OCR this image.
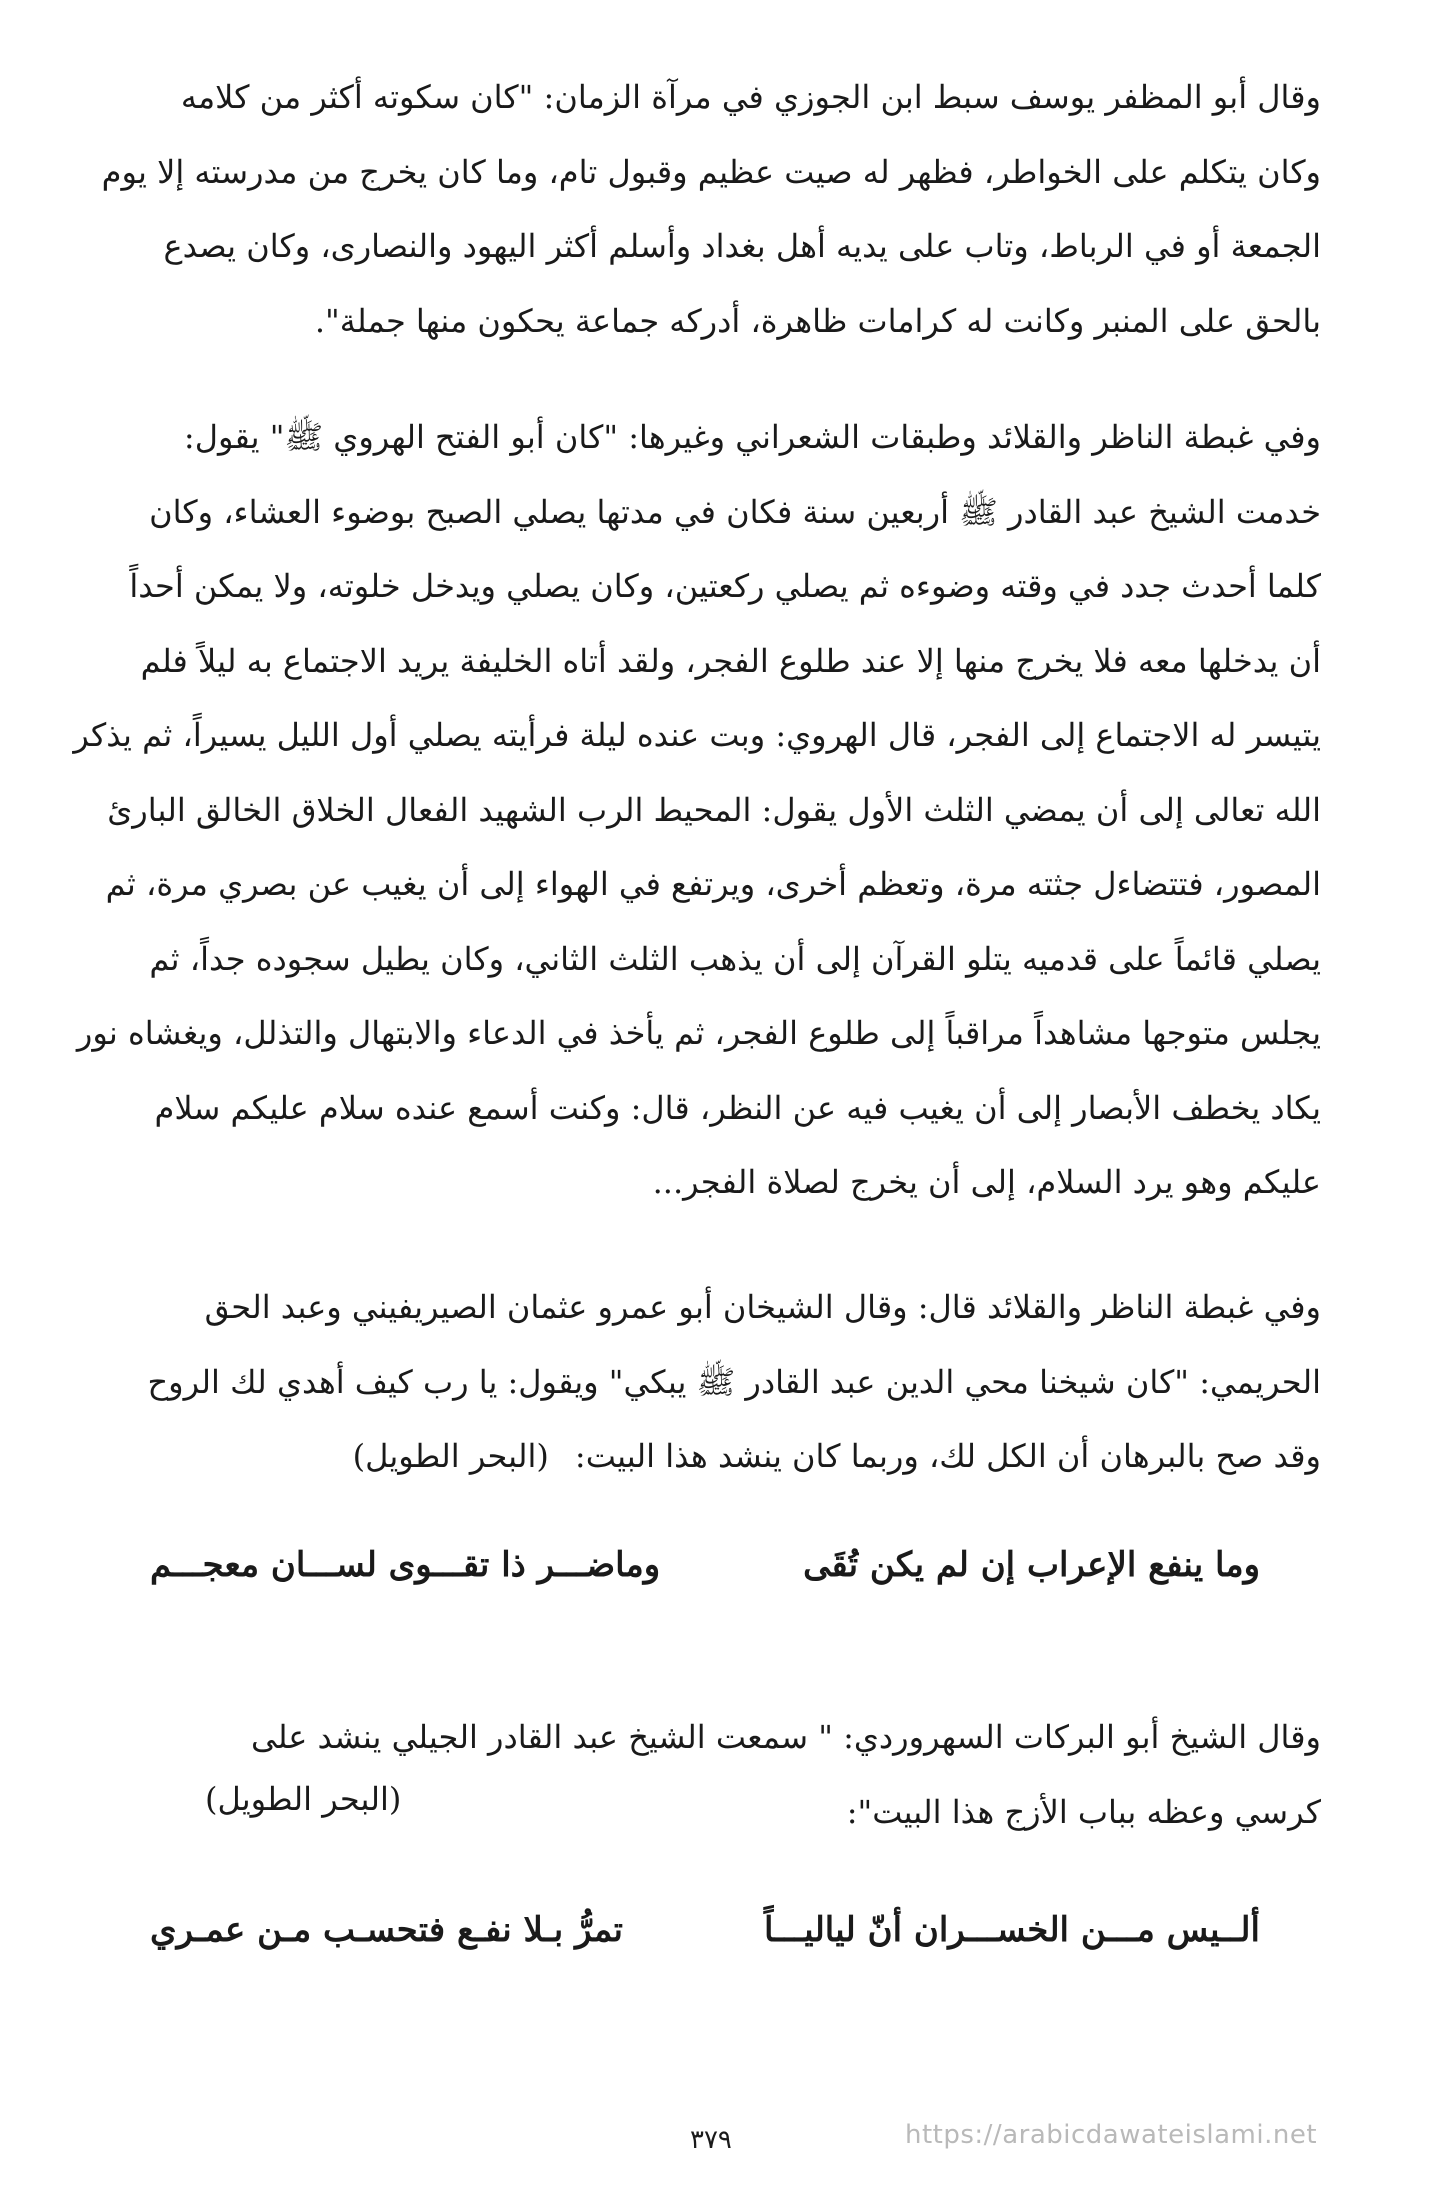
وقال أبو المظفر يوسف سبط ابن الجوزي في مرآة الزمان: "كان سكوته أكثر من كلامه
وكان يتكلم على الخواطر، فظهر له صيت عظيم وقبول تام، وما كان يخرج من مدرسته إلا يوم
الجمعة أو في الرباط، وتاب على يديه أهل بغداد وأسلم أكثر اليهود والنصارى، وكان يصدع
بالحق على المنبر وكانت له كرامات ظاهرة، أدركه جماعة يحكون منها جملة".
وفي غبطة الناظر والقلائد وطبقات الشعراني وغيرها: "كان أبو الفتح الهروي ﷺ" يقول:
خدمت الشيخ عبد القادر ﷺ أربعين سنة فكان في مدتها يصلي الصبح بوضوء العشاء، وكان
كلما أحدث جدد في وقته وضوءه ثم يصلي ركعتين، وكان يصلي ويدخل خلوته، ولا يمكن أحداً
أن يدخلها معه فلا يخرج منها إلا عند طلوع الفجر، ولقد أتاه الخليفة يريد الاجتماع به ليلاً فلم
يتيسر له الاجتماع إلى الفجر، قال الهروي: وبت عنده ليلة فرأيته يصلي أول الليل يسيراً، ثم يذكر
الله تعالى إلى أن يمضي الثلث الأول يقول: المحيط الرب الشهيد الفعال الخلاق الخالق البارئ
المصور، فتتضاءل جثته مرة، وتعظم أخرى، ويرتفع في الهواء إلى أن يغيب عن بصري مرة، ثم
يصلي قائماً على قدميه يتلو القرآن إلى أن يذهب الثلث الثاني، وكان يطيل سجوده جداً، ثم
يجلس متوجها مشاهداً مراقباً إلى طلوع الفجر، ثم يأخذ في الدعاء والابتهال والتذلل، ويغشاه نور
يكاد يخطف الأبصار إلى أن يغيب فيه عن النظر، قال: وكنت أسمع عنده سلام عليكم سلام
عليكم وهو يرد السلام، إلى أن يخرج لصلاة الفجر...
وفي غبطة الناظر والقلائد قال: وقال الشيخان أبو عمرو عثمان الصيريفيني وعبد الحق
الحريمي: "كان شيخنا محي الدين عبد القادر ﷺ يبكي" ويقول: يا رب كيف أهدي لك الروح
وقد صح بالبرهان أن الكل لك، وربما كان ينشد هذا البيت:(البحر الطويل)
وما ينفع الإعراب إن لم يكن تُقَى
وماضـــر ذا تقـــوى لســـان معجـــم
وقال الشيخ أبو البركات السهروردي: " سمعت الشيخ عبد القادر الجيلي ينشد على
كرسي وعظه بباب الأزج هذا البيت":
(البحر الطويل)
ألــيس مـــن الخســـران أنّ لياليـــاً
تمرُّ بـلا نفـع فتحسـب مـن عمـري
٣٧٩	https://arabicdawateislami.net
